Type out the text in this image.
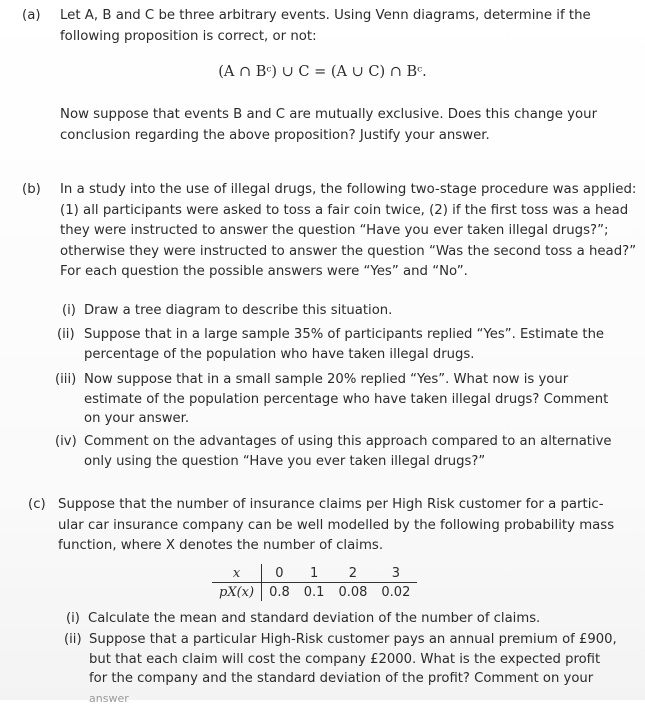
(a) Let A, B and C be three arbitrary events. Using Venn diagrams, determine if the
following proposition is correct, or not:
(A ∩ Bᶜ) ∪ C = (A ∪ C) ∩ Bᶜ.
Now suppose that events B and C are mutually exclusive. Does this change your
conclusion regarding the above proposition? Justify your answer.
(b) In a study into the use of illegal drugs, the following two-stage procedure was applied:
(1) all participants were asked to toss a fair coin twice, (2) if the first toss was a head
they were instructed to answer the question “Have you ever taken illegal drugs?”;
otherwise they were instructed to answer the question “Was the second toss a head?”
For each question the possible answers were “Yes” and “No”.
(i) Draw a tree diagram to describe this situation.
(ii) Suppose that in a large sample 35% of participants replied “Yes”. Estimate the
percentage of the population who have taken illegal drugs.
(iii) Now suppose that in a small sample 20% replied “Yes”. What now is your
estimate of the population percentage who have taken illegal drugs? Comment
on your answer.
(iv) Comment on the advantages of using this approach compared to an alternative
only using the question “Have you ever taken illegal drugs?”
(c) Suppose that the number of insurance claims per High Risk customer for a partic-
ular car insurance company can be well modelled by the following probability mass
function, where X denotes the number of claims.
x	0	1	2	3
pX(x)	0.8	0.1	0.08	0.02
(i) Calculate the mean and standard deviation of the number of claims.
(ii) Suppose that a particular High-Risk customer pays an annual premium of £900,
but that each claim will cost the company £2000. What is the expected profit
for the company and the standard deviation of the profit? Comment on your
answer
